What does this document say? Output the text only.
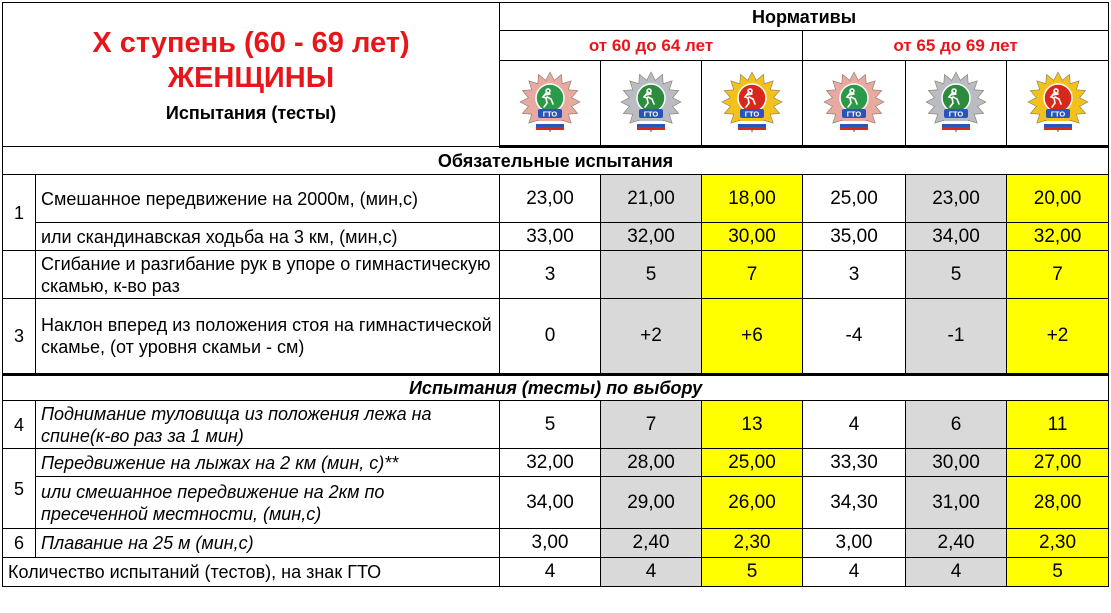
X ступень (60 - 69 лет)
ЖЕНЩИНЫ
Испытания (тесты)		Нормативы					
		от 60 до 64 лет			от 65 до 69 лет		

ГТО	ГТО	ГТО	ГТО	ГТО	ГТО

Обязательные испытания							
1	Смешанное передвижение на 2000м, (мин,с)	23,00	21,00	18,00	25,00	23,00	20,00
	или скандинавская ходьба на 3 км, (мин,с)	33,00	32,00	30,00	35,00	34,00	32,00
	Сгибание и разгибание рук в упоре о гимнастическую скамью, к-во раз	3	5	7	3	5	7
3	Наклон вперед из положения стоя на гимнастической скамье, (от уровня скамьи - см)	0	+2	+6	-4	-1	+2
Испытания (тесты) по выбору							
4	Поднимание туловища из положения лежа на спине(к-во раз за 1 мин)	5	7	13	4	6	11
5	Передвижение на лыжах на 2 км (мин, с)**	32,00	28,00	25,00	33,30	30,00	27,00
	или смешанное передвижение на 2км по пресеченной местности, (мин,с)	34,00	29,00	26,00	34,30	31,00	28,00
6	Плавание на 25 м (мин,с)	3,00	2,40	2,30	3,00	2,40	2,30
Количество испытаний (тестов), на знак ГТО		4	4	5	4	4	5
